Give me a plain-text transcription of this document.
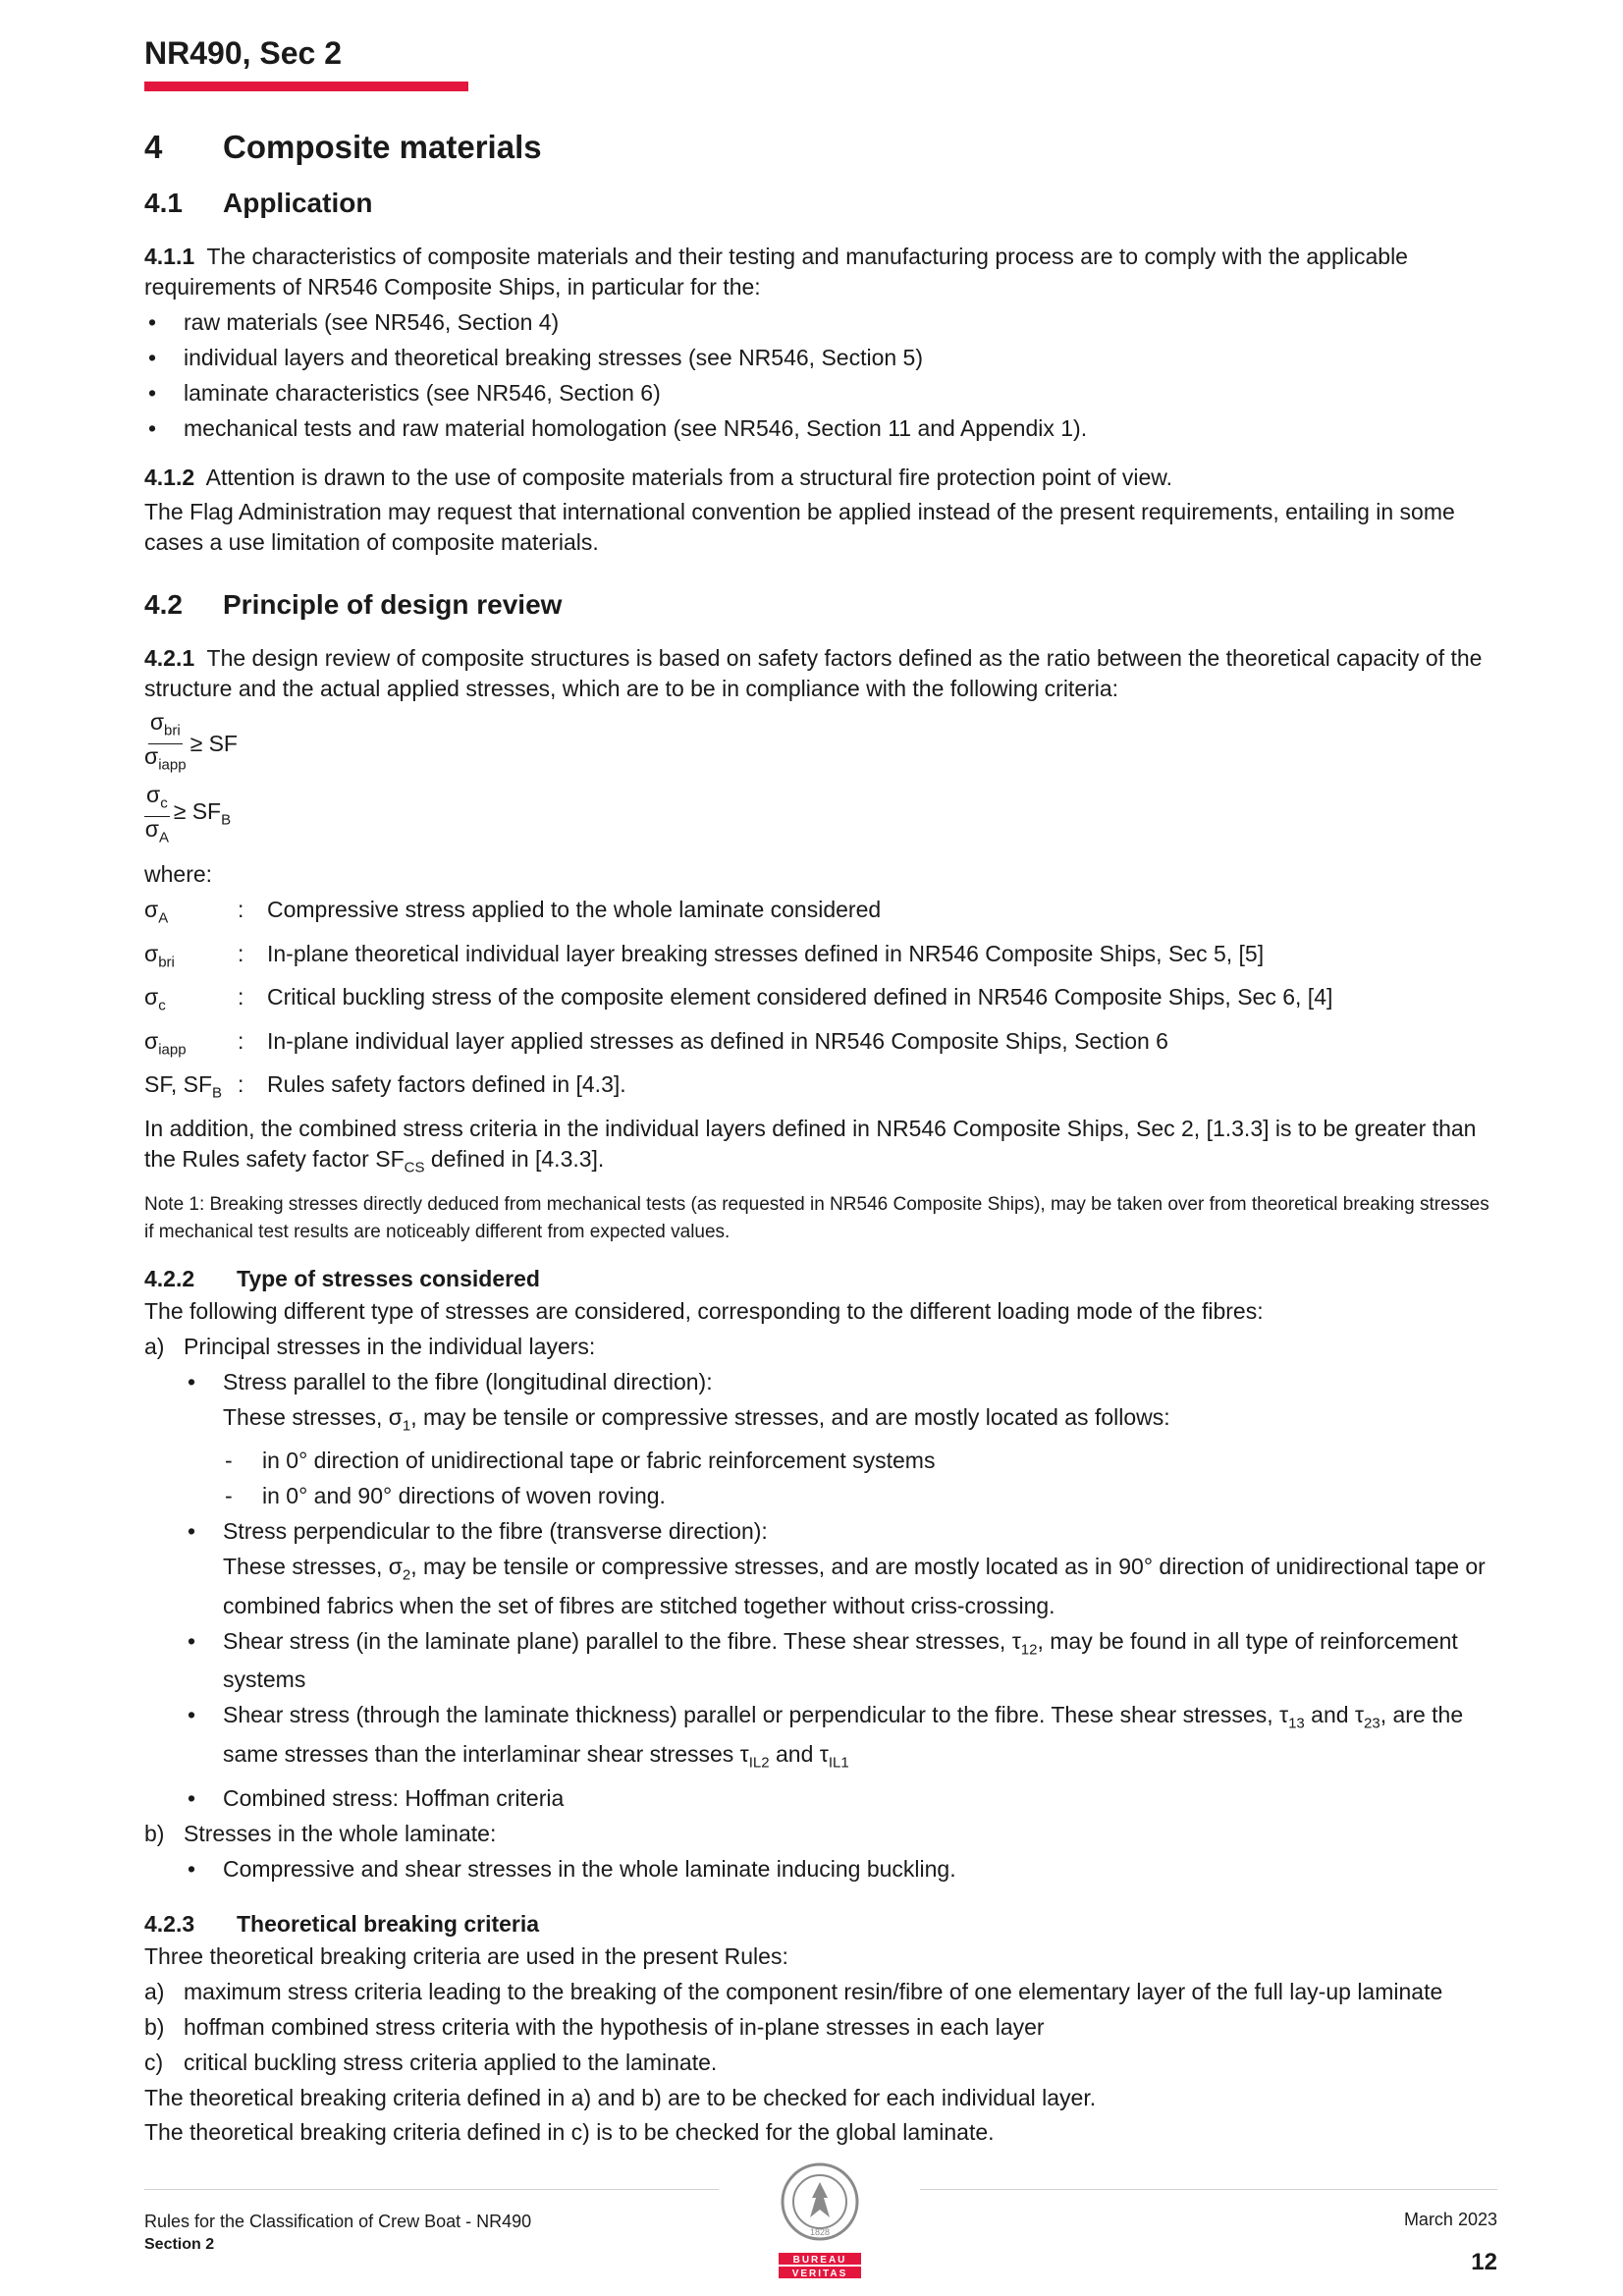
NR490, Sec 2
4 Composite materials
4.1 Application

4.1.1 The characteristics of composite materials and their testing and manufacturing process are to comply with the applicable requirements of NR546 Composite Ships, in particular for the:

• raw materials (see NR546, Section 4)
• individual layers and theoretical breaking stresses (see NR546, Section 5)
• laminate characteristics (see NR546, Section 6)
• mechanical tests and raw material homologation (see NR546, Section 11 and Appendix 1).

4.1.2 Attention is drawn to the use of composite materials from a structural fire protection point of view.

The Flag Administration may request that international convention be applied instead of the present requirements, entailing in some cases a use limitation of composite materials.

4.2 Principle of design review

4.2.1 The design review of composite structures is based on safety factors defined as the ratio between the theoretical capacity of the structure and the actual applied stresses, which are to be in compliance with the following criteria:

$\frac{\sigma_{bri}}{\sigma_{iapp}}$ ≥ SF
$\frac{\sigma_c}{\sigma_A} \ge SF_B$

where:

$\sigma_A$	:	Compressive stress applied to the whole laminate considered
$\sigma_{bri}$	:	In-plane theoretical individual layer breaking stresses defined in NR546 Composite Ships, Sec 5, [5]
$\sigma_c$	:	Critical buckling stress of the composite element considered defined in NR546 Composite Ships, Sec 6, [4]
$\sigma_{iapp}$	:	In-plane individual layer applied stresses as defined in NR546 Composite Ships, Section 6
SF, $SF_B$ :	Rules safety factors defined in [4.3].

In addition, the combined stress criteria in the individual layers defined in NR546 Composite Ships, Sec 2, [1.3.3] is to be greater than the Rules safety factor $SF_{CS}$ defined in [4.3.3].

Note 1: Breaking stresses directly deduced from mechanical tests (as requested in NR546 Composite Ships), may be taken over from theoretical breaking stresses if mechanical test results are noticeably different from expected values.

4.2.2 Type of stresses considered

The following different type of stresses are considered, corresponding to the different loading mode of the fibres:

a) Principal stresses in the individual layers:
• Stress parallel to the fibre (longitudinal direction):
These stresses, $\sigma_1$, may be tensile or compressive stresses, and are mostly located as follows:
- in 0° direction of unidirectional tape or fabric reinforcement systems
- in 0° and 90° directions of woven roving.
• Stress perpendicular to the fibre (transverse direction):
These stresses, $\sigma_2$, may be tensile or compressive stresses, and are mostly located as in 90° direction of unidirectional tape or combined fabrics when the set of fibres are stitched together without criss-crossing.
• Shear stress (in the laminate plane) parallel to the fibre. These shear stresses, $\tau_{12}$, may be found in all type of reinforcement systems
• Shear stress (through the laminate thickness) parallel or perpendicular to the fibre. These shear stresses, $\tau_{13}$ and $\tau_{23}$, are the same stresses than the interlaminar shear stresses $\tau_{IL2}$ and $\tau_{IL1}$
• Combined stress: Hoffman criteria
b) Stresses in the whole laminate:
• Compressive and shear stresses in the whole laminate inducing buckling.
4.2.3 Theoretical breaking criteria

Three theoretical breaking criteria are used in the present Rules:

a) maximum stress criteria leading to the breaking of the component resin/fibre of one elementary layer of the full lay-up laminate
b) hoffman combined stress criteria with the hypothesis of in-plane stresses in each layer
c) critical buckling stress criteria applied to the laminate.

The theoretical breaking criteria defined in a) and b) are to be checked for each individual layer.

The theoretical breaking criteria defined in c) is to be checked for the global laminate.

1828
BUREAU
VERITAS
Rules for the Classification of Crew Boat - NR490
Section 2
March 2023
12
